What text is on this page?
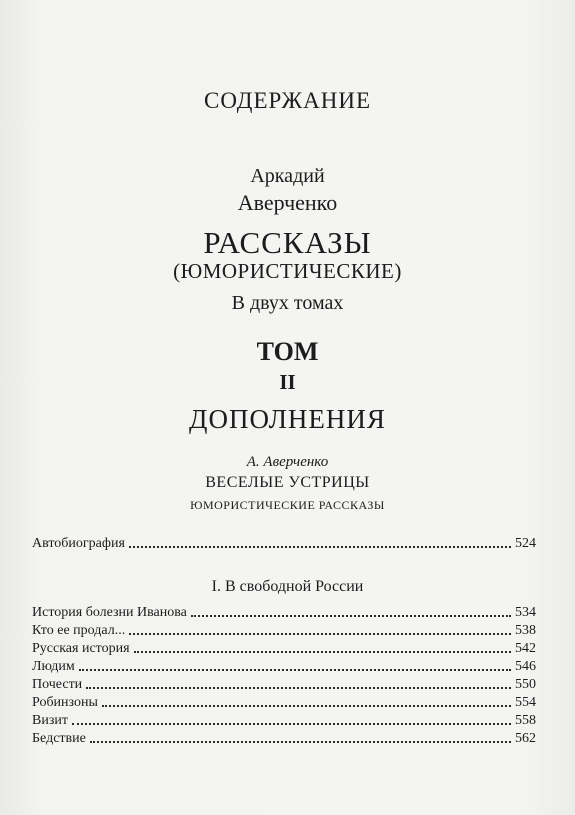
СОДЕРЖАНИЕ
Аркадий
Аверченко
РАССКАЗЫ
(ЮМОРИСТИЧЕСКИЕ)
В двух томах
ТОМ
II
ДОПОЛНЕНИЯ
А. Аверченко
ВЕСЕЛЫЕ УСТРИЦЫ
ЮМОРИСТИЧЕСКИЕ РАССКАЗЫ
Автобиография	524
I. В свободной России
История болезни Иванова	534
Кто ее продал...	538
Русская история	542
Людим	546
Почести	550
Робинзоны	554
Визит	558
Бедствие	562
